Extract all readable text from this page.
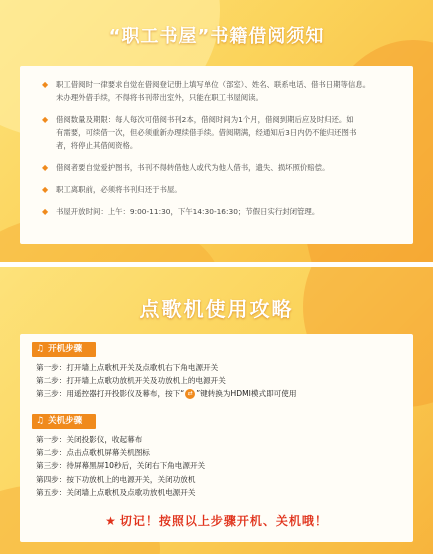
“职工书屋”书籍借阅须知
◆ 职工借阅时一律要求自觉在借阅登记册上填写单位（部室）、姓名、联系电话、借书日期等信息。
未办理外借手续，不得将书刊带出室外，只能在职工书屋阅读。
◆ 借阅数量及期限：每人每次可借阅书刊2本，借阅时间为1个月，借阅到期后应及时归还。如
有需要，可续借一次，但必须重新办理续借手续。借阅期满，经通知后3日内仍不能归还图书
者，将停止其借阅资格。
◆ 借阅者要自觉爱护图书，书刊不得转借他人或代为他人借书，遗失、损坏照价赔偿。
◆ 职工离职前，必须将书刊归还于书屋。
◆ 书屋开放时间：上午：9:00-11:30，下午14:30-16:30；节假日实行封闭管理。
点歌机使用攻略
♫ 开机步骤
第一步：打开墙上点歌机开关及点歌机右下角电源开关
第二步：打开墙上点歌功放机开关及功放机上的电源开关
第三步：用遥控器打开投影仪及幕布，按下“ ⇄ ”键转换为HDMI模式即可使用
♫ 关机步骤
第一步：关闭投影仪，收起幕布
第二步：点击点歌机屏幕关机图标
第三步：待屏幕黑屏10秒后，关闭右下角电源开关
第四步：按下功放机上的电源开关，关闭功放机
第五步：关闭墙上点歌机及点歌功放机电源开关
★ 切记！按照以上步骤开机、关机哦！
